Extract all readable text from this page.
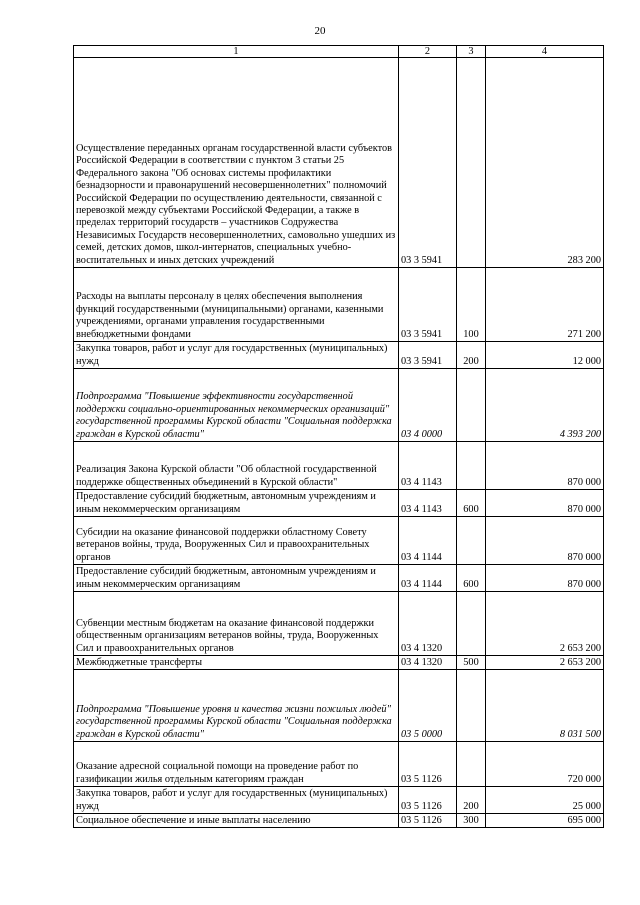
20
1	2	3	4
Осуществление переданных органам государственной власти субъектов Российской Федерации в соответствии с пунктом 3 статьи 25 Федерального закона "Об основах системы профилактики безнадзорности и правонарушений несовершеннолетних" полномочий Российской Федерации по осуществлению деятельности, связанной с перевозкой между субъектами Российской Федерации, а также в пределах территорий государств – участников Содружества Независимых Государств несовершеннолетних, самовольно ушедших из семей, детских домов, школ-интернатов, специальных учебно-воспитательных и иных детских учреждений	03 3 5941		283 200
Расходы на выплаты персоналу в целях обеспечения выполнения функций государственными (муниципальными) органами, казенными учреждениями, органами управления государственными внебюджетными фондами	03 3 5941	100	271 200
Закупка товаров, работ и услуг для государственных (муниципальных) нужд	03 3 5941	200	12 000
Подпрограмма "Повышение эффективности государственной поддержки социально-ориентированных некоммерческих организаций" государственной программы Курской области "Социальная поддержка граждан в Курской области"	03 4 0000		4 393 200
Реализация Закона Курской области "Об областной государственной поддержке общественных объединений в Курской области"	03 4 1143		870 000
Предоставление субсидий бюджетным, автономным учреждениям и иным некоммерческим организациям	03 4 1143	600	870 000
Субсидии на оказание финансовой поддержки областному Совету ветеранов войны, труда, Вооруженных Сил и правоохранительных органов	03 4 1144		870 000
Предоставление субсидий бюджетным, автономным учреждениям и иным некоммерческим организациям	03 4 1144	600	870 000
Субвенции местным бюджетам на оказание финансовой поддержки общественным организациям ветеранов войны, труда, Вооруженных Сил и правоохранительных органов	03 4 1320		2 653 200
Межбюджетные трансферты	03 4 1320	500	2 653 200
Подпрограмма "Повышение уровня и качества жизни пожилых людей" государственной программы Курской области "Социальная поддержка граждан в Курской области"	03 5 0000		8 031 500
Оказание адресной социальной помощи на проведение работ по газификации жилья отдельным категориям граждан	03 5 1126		720 000
Закупка товаров, работ и услуг для государственных (муниципальных) нужд	03 5 1126	200	25 000
Социальное обеспечение и иные выплаты населению	03 5 1126	300	695 000
